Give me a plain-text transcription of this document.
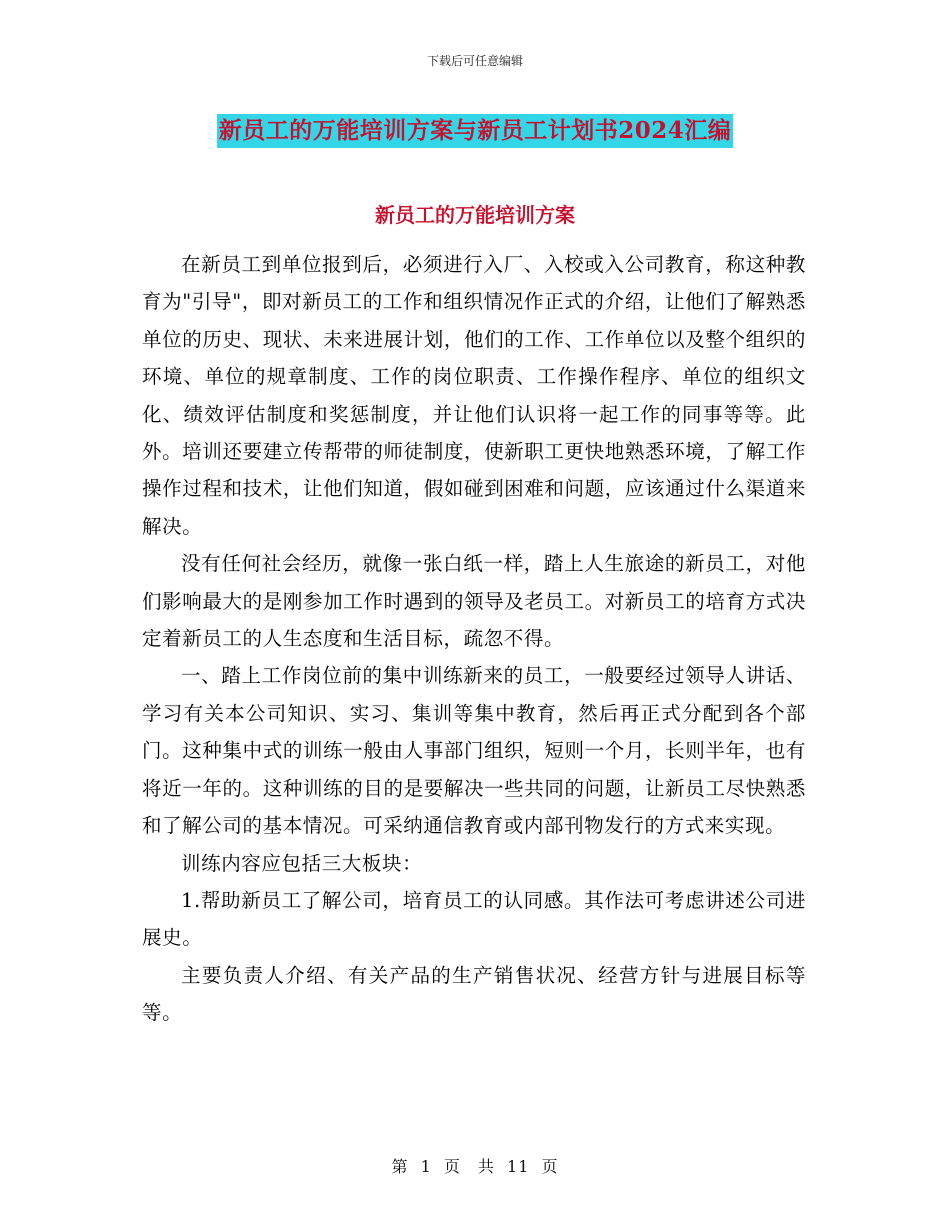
下载后可任意编辑
新员工的万能培训方案与新员工计划书2024汇编
新员工的万能培训方案

在新员工到单位报到后，必须进行入厂、入校或入公司教育，称这种教育为"引导"，即对新员工的工作和组织情况作正式的介绍，让他们了解熟悉单位的历史、现状、未来进展计划，他们的工作、工作单位以及整个组织的环境、单位的规章制度、工作的岗位职责、工作操作程序、单位的组织文化、绩效评估制度和奖惩制度，并让他们认识将一起工作的同事等等。此外。培训还要建立传帮带的师徒制度，使新职工更快地熟悉环境，了解工作操作过程和技术，让他们知道，假如碰到困难和问题，应该通过什么渠道来解决。

没有任何社会经历，就像一张白纸一样，踏上人生旅途的新员工，对他们影响最大的是刚参加工作时遇到的领导及老员工。对新员工的培育方式决定着新员工的人生态度和生活目标，疏忽不得。

一、踏上工作岗位前的集中训练新来的员工，一般要经过领导人讲话、学习有关本公司知识、实习、集训等集中教育，然后再正式分配到各个部门。这种集中式的训练一般由人事部门组织，短则一个月，长则半年，也有将近一年的。这种训练的目的是要解决一些共同的问题，让新员工尽快熟悉和了解公司的基本情况。可采纳通信教育或内部刊物发行的方式来实现。

训练内容应包括三大板块：

1.帮助新员工了解公司，培育员工的认同感。其作法可考虑讲述公司进展史。

主要负责人介绍、有关产品的生产销售状况、经营方针与进展目标等等。

第 1 页　共 11 页
